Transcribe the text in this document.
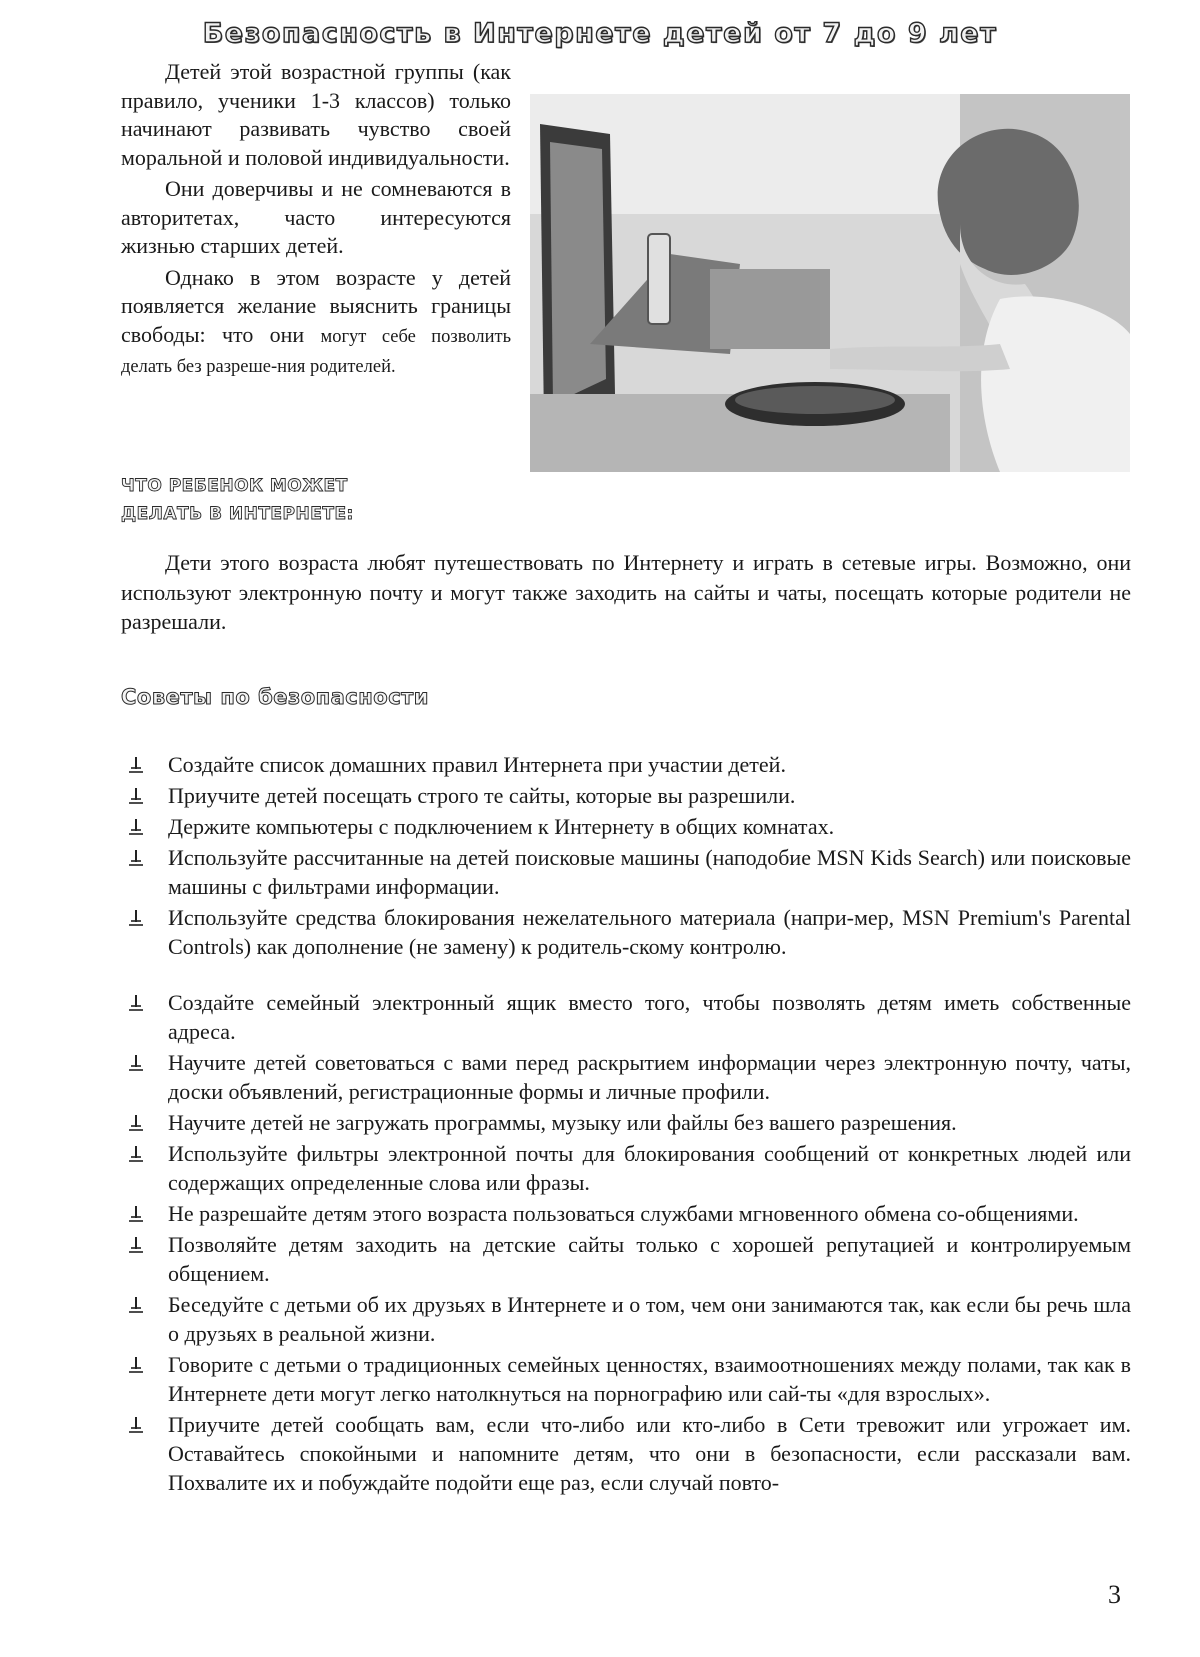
Безопасность в Интернете детей от 7 до 9 лет

Детей этой возрастной группы (как правило, ученики 1-3 классов) только начинают развивать чувство своей моральной и половой индивидуальности.

Они доверчивы и не сомневаются в авторитетах, часто интересуются жизнью старших детей.

Однако в этом возрасте у детей появляется желание выяснить границы свободы: что они могут себе позволить делать без разреше-ния родителей.

ЧТО РЕБЕНОК МОЖЕТ
ДЕЛАТЬ В ИНТЕРНЕТЕ:

Дети этого возраста любят путешествовать по Интернету и играть в сетевые игры. Возможно, они используют электронную почту и могут также заходить на сайты и чаты, посещать которые родители не разрешали.

Советы по безопасности
Создайте список домашних правил Интернета при участии детей.
Приучите детей посещать строго те сайты, которые вы разрешили.
Держите компьютеры с подключением к Интернету в общих комнатах.
Используйте рассчитанные на детей поисковые машины (наподобие MSN Kids Search) или поисковые машины с фильтрами информации.
Используйте средства блокирования нежелательного материала (напри-мер, MSN Premium's Parental Controls) как дополнение (не замену) к родитель-скому контролю.
Создайте семейный электронный ящик вместо того, чтобы позволять детям иметь собственные адреса.
Научите детей советоваться с вами перед раскрытием информации через электронную почту, чаты, доски объявлений, регистрационные формы и личные профили.
Научите детей не загружать программы, музыку или файлы без вашего разрешения.
Используйте фильтры электронной почты для блокирования сообщений от конкретных людей или содержащих определенные слова или фразы.
Не разрешайте детям этого возраста пользоваться службами мгновенного обмена со-общениями.
Позволяйте детям заходить на детские сайты только с хорошей репутацией и контролируемым общением.
Беседуйте с детьми об их друзьях в Интернете и о том, чем они занимаются так, как если бы речь шла о друзьях в реальной жизни.
Говорите с детьми о традиционных семейных ценностях, взаимоотношениях между полами, так как в Интернете дети могут легко натолкнуться на порнографию или сай-ты «для взрослых».
Приучите детей сообщать вам, если что-либо или кто-либо в Сети тревожит или угрожает им. Оставайтесь спокойными и напомните детям, что они в безопасности, если рассказали вам. Похвалите их и побуждайте подойти еще раз, если случай повто-
3
